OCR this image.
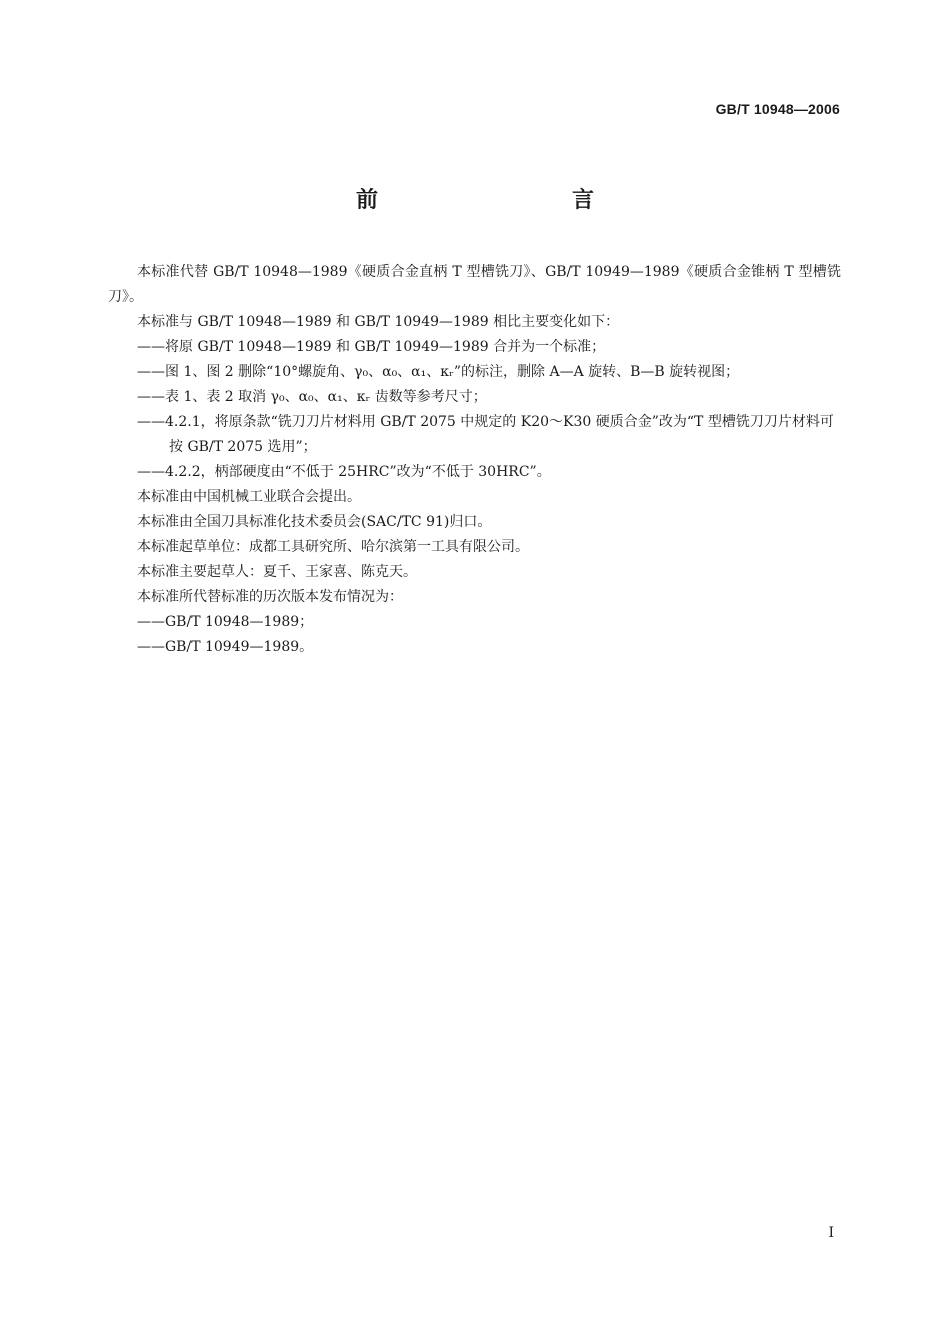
GB/T 10948—2006
前　　言

本标准代替 GB/T 10948—1989《硬质合金直柄 T 型槽铣刀》、GB/T 10949—1989《硬质合金锥柄 T 型槽铣刀》。

本标准与 GB/T 10948—1989 和 GB/T 10949—1989 相比主要变化如下：

——将原 GB/T 10948—1989 和 GB/T 10949—1989 合并为一个标准；

——图 1、图 2 删除“10°螺旋角、γ₀、α₀、α₁、κᵣ”的标注，删除 A—A 旋转、B—B 旋转视图；

——表 1、表 2 取消 γ₀、α₀、α₁、κᵣ 齿数等参考尺寸；

——4.2.1，将原条款“铣刀刀片材料用 GB/T 2075 中规定的 K20～K30 硬质合金”改为“T 型槽铣刀刀片材料可按 GB/T 2075 选用”；

——4.2.2，柄部硬度由“不低于 25HRC”改为“不低于 30HRC”。

本标准由中国机械工业联合会提出。

本标准由全国刀具标准化技术委员会(SAC/TC 91)归口。

本标准起草单位：成都工具研究所、哈尔滨第一工具有限公司。

本标准主要起草人：夏千、王家喜、陈克天。

本标准所代替标准的历次版本发布情况为：

——GB/T 10948—1989；

——GB/T 10949—1989。

I
